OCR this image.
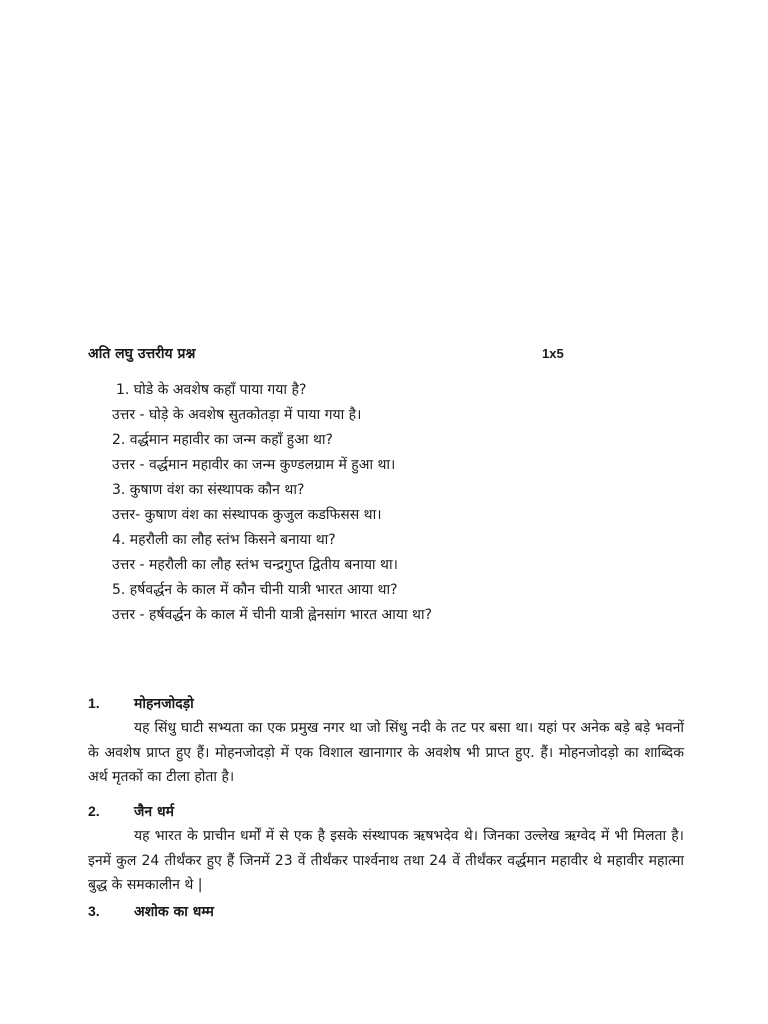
अति लघु उत्तरीय प्रश्न	1x5
1. घोडे के अवशेष कहाँ पाया गया है?
उत्तर - घोड़े के अवशेष सुतकोतड़ा में पाया गया है।
2. वर्द्धमान महावीर का जन्म कहाँ हुआ था?
उत्तर - वर्द्धमान महावीर का जन्म कुण्डलग्राम में हुआ था।
3. कुषाण वंश का संस्थापक कौन था?
उत्तर- कुषाण वंश का संस्थापक कुजुल कडफिसस था।
4. महरौली का लौह स्तंभ किसने बनाया था?
उत्तर - महरौली का लौह स्तंभ चन्द्रगुप्त द्वितीय बनाया था।
5. हर्षवर्द्धन के काल में कौन चीनी यात्री भारत आया था?
उत्तर - हर्षवर्द्धन के काल में चीनी यात्री ह्वेनसांग भारत आया था?
1. मोहनजोदड़ो

यह सिंधु घाटी सभ्यता का एक प्रमुख नगर था जो सिंधु नदी के तट पर बसा था। यहां पर अनेक बड़े बड़े भवनों के अवशेष प्राप्त हुए हैं। मोहनजोदड़ो में एक विशाल खानागार के अवशेष भी प्राप्त हुए. हैं। मोहनजोदड़ो का शाब्दिक अर्थ मृतकों का टीला होता है।

2. जैन धर्म

यह भारत के प्राचीन धर्मों में से एक है इसके संस्थापक ऋषभदेव थे। जिनका उल्लेख ऋग्वेद में भी मिलता है। इनमें कुल 24 तीर्थंकर हुए हैं जिनमें 23 वें तीर्थंकर पार्श्वनाथ तथा 24 वें तीर्थंकर वर्द्धमान महावीर थे महावीर महात्मा बुद्ध के समकालीन थे |

3. अशोक का धम्म
